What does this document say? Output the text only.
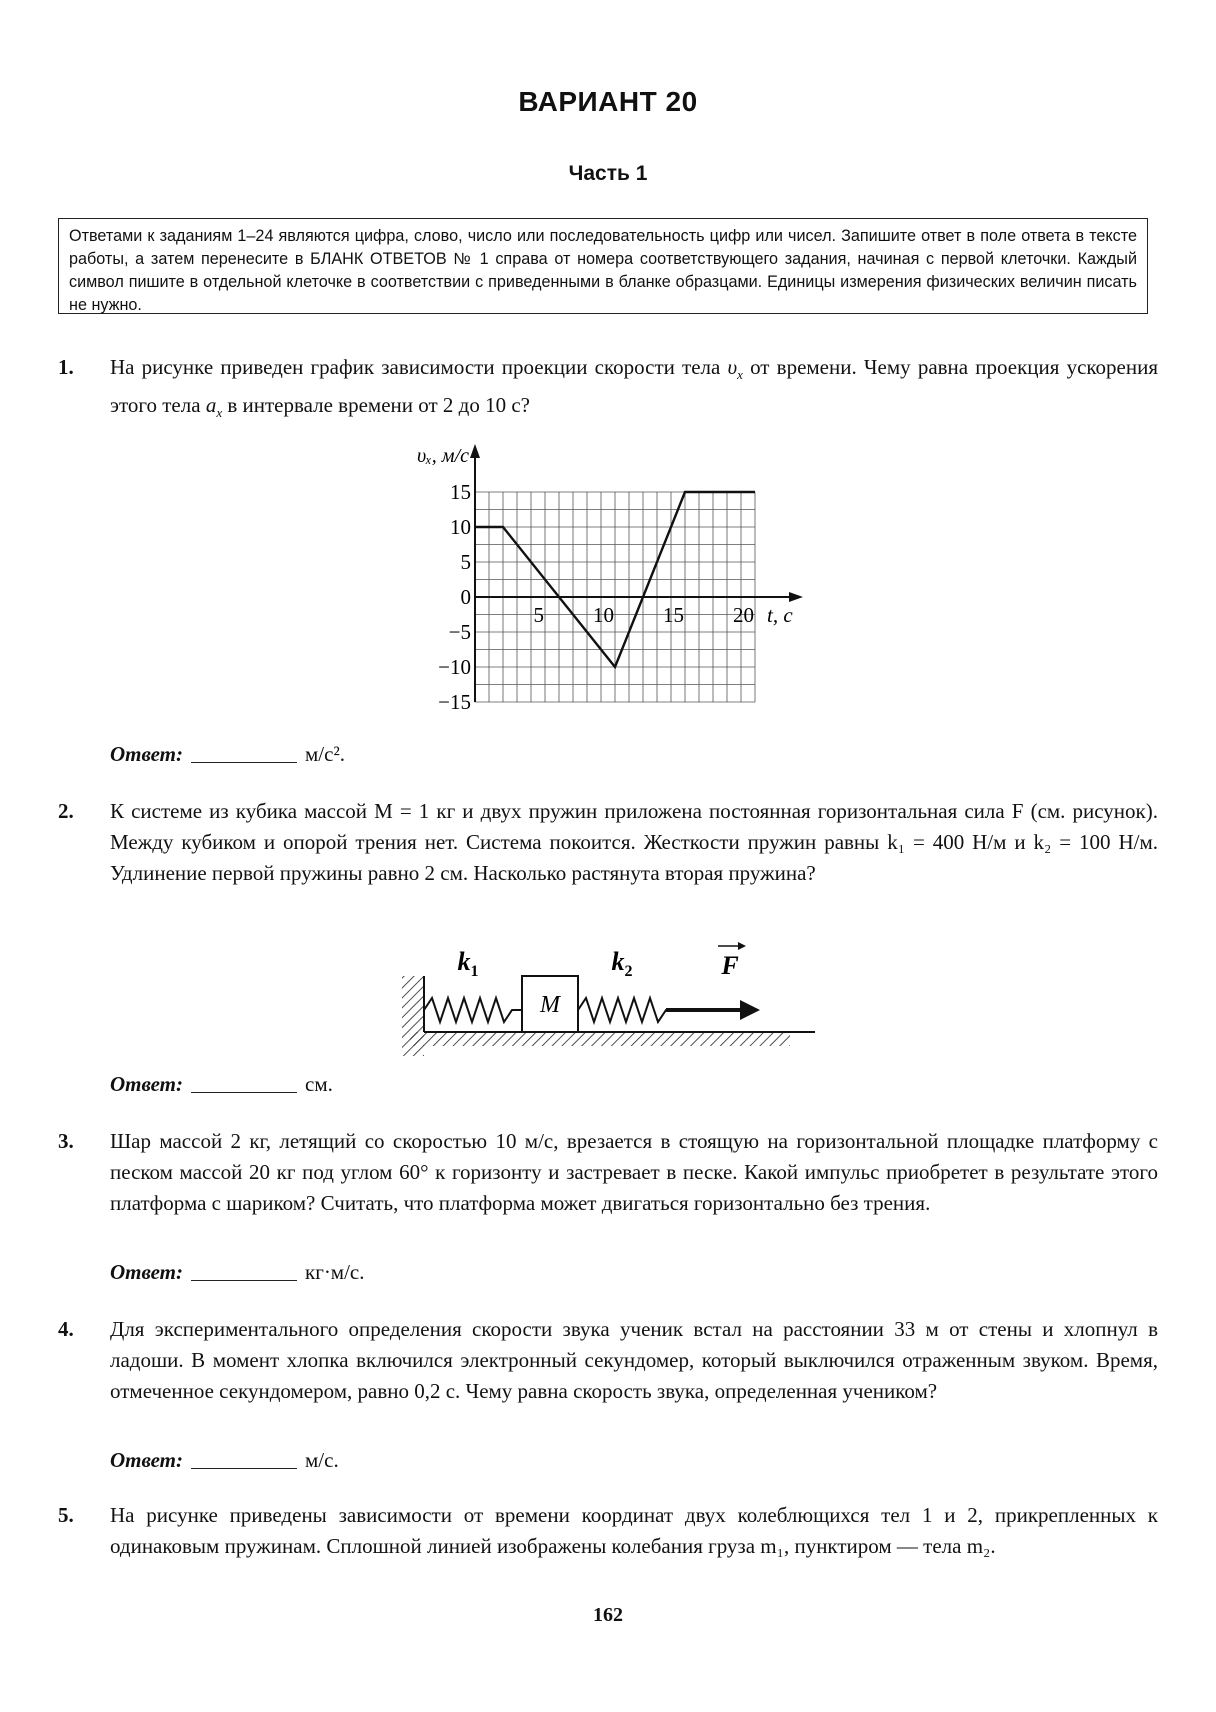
ВАРИАНТ 20
Часть 1
Ответами к заданиям 1–24 являются цифра, слово, число или последовательность цифр или чисел. Запишите ответ в поле ответа в тексте работы, а затем перенесите в БЛАНК ОТВЕТОВ № 1 справа от номера соответствующего задания, начиная с первой клеточки. Каждый символ пишите в отдельной клеточке в соответствии с приведенными в бланке образцами. Единицы измерения физических величин писать не нужно.
1. На рисунке приведен график зависимости проекции скорости тела $\upsilon_x$ от времени. Чему равна проекция ускорения этого тела $a_x$ в интервале времени от 2 до 10 с?
15
10
5
0
−5
−10
−15
5 10 15 20
υₓ, м/с
t, с
Ответ:	м/с².
2. К системе из кубика массой M = 1 кг и двух пружин приложена постоянная горизонтальная сила F (см. рисунок). Между кубиком и опорой трения нет. Система покоится. Жесткости пружин равны k₁ = 400 Н/м и k₂ = 100 Н/м. Удлинение первой пружины равно 2 см. Насколько растянута вторая пружина?
M
$k_1$	$k_2$	F
Ответ:	см.
3. Шар массой 2 кг, летящий со скоростью 10 м/с, врезается в стоящую на горизонтальной площадке платформу с песком массой 20 кг под углом 60° к горизонту и застревает в песке. Какой импульс приобретет в результате этого платформа с шариком? Считать, что платформа может двигаться горизонтально без трения.
Ответ:	кг·м/с.
4. Для экспериментального определения скорости звука ученик встал на расстоянии 33 м от стены и хлопнул в ладоши. В момент хлопка включился электронный секундомер, который выключился отраженным звуком. Время, отмеченное секундомером, равно 0,2 с. Чему равна скорость звука, определенная учеником?
Ответ:	м/с.
5. На рисунке приведены зависимости от времени координат двух колеблющихся тел 1 и 2, прикрепленных к одинаковым пружинам. Сплошной линией изображены колебания груза m₁, пунктиром — тела m₂.
162
